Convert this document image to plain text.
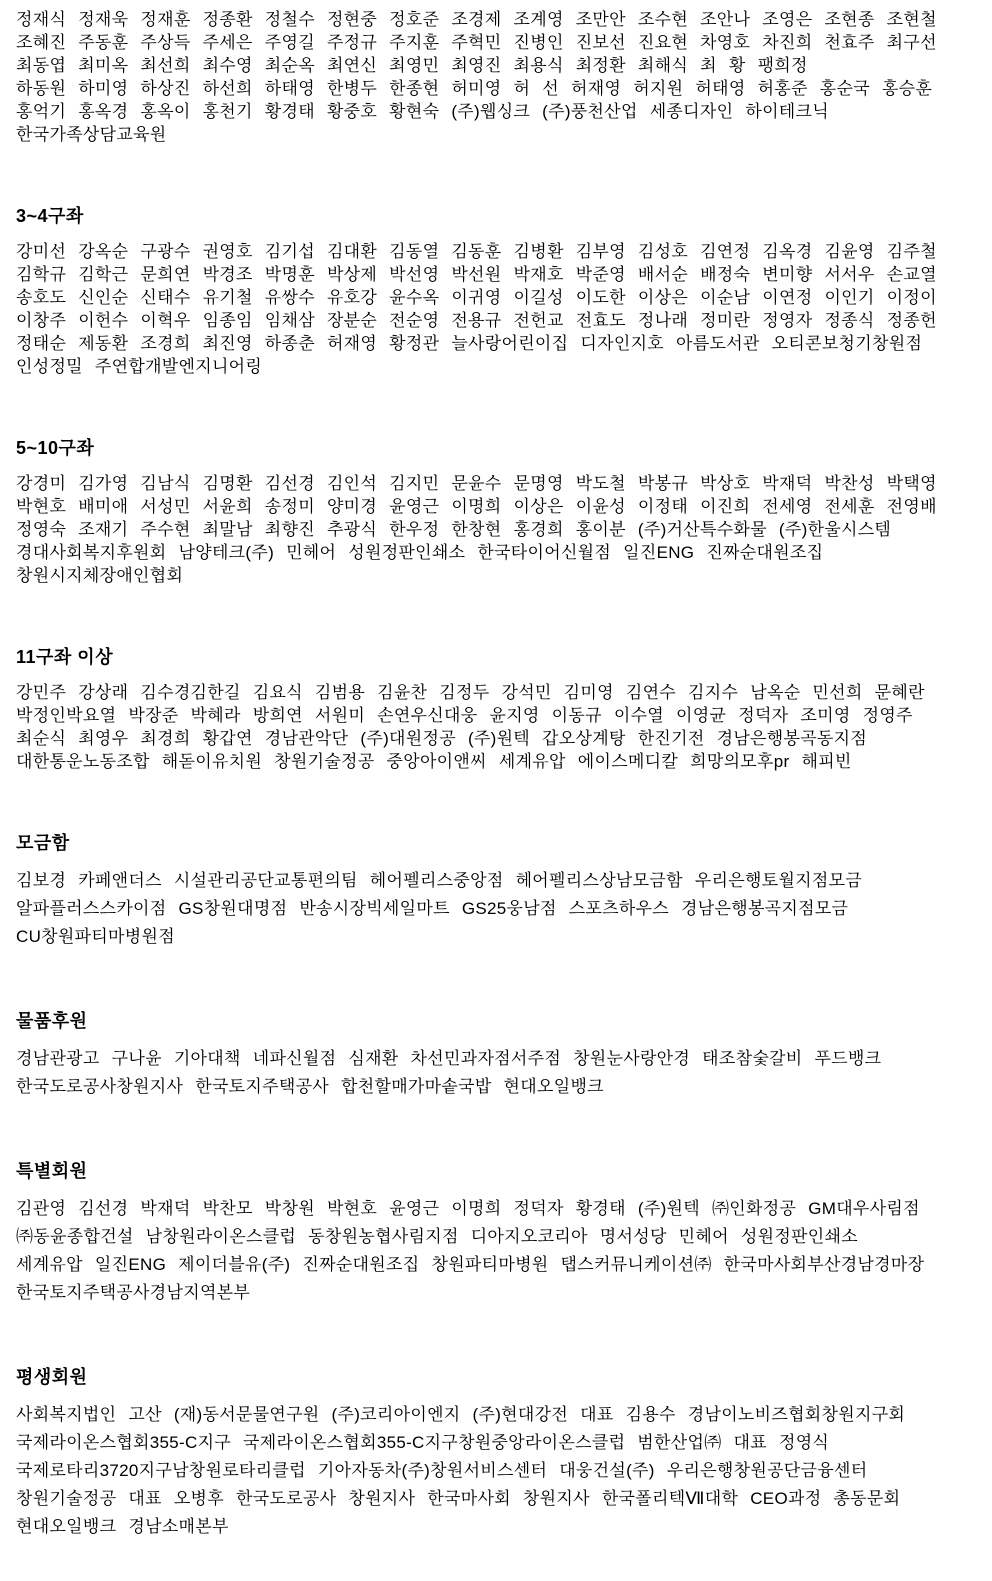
정재식 정재욱 정재훈 정종환 정철수 정현중 정호준 조경제 조계영 조만안 조수현 조안나 조영은 조현종 조현철
조혜진 주동훈 주상득 주세은 주영길 주정규 주지훈 주혁민 진병인 진보선 진요현 차영호 차진희 천효주 최구선
최동엽 최미옥 최선희 최수영 최순옥 최연신 최영민 최영진 최용식 최정환 최해식 최 황 팽희정
하동원 하미영 하상진 하선희 하태영 한병두 한종현 허미영 허 선 허재영 허지원 허태영 허홍준 홍순국 홍승훈
홍억기 홍옥경 홍옥이 홍천기 황경태 황중호 황현숙 (주)웹싱크 (주)풍천산업 세종디자인 하이테크닉
한국가족상담교육원
3~4구좌
강미선 강옥순 구광수 권영호 김기섭 김대환 김동열 김동훈 김병환 김부영 김성호 김연정 김옥경 김윤영 김주철
김학규 김학근 문희연 박경조 박명훈 박상제 박선영 박선원 박재호 박준영 배서순 배정숙 변미향 서서우 손교열
송호도 신인순 신태수 유기철 유쌍수 유호강 윤수옥 이귀영 이길성 이도한 이상은 이순남 이연정 이인기 이정이
이창주 이헌수 이혁우 임종임 임채삼 장분순 전순영 전용규 전헌교 전효도 정나래 정미란 정영자 정종식 정종헌
정태순 제동환 조경희 최진영 하종춘 허재영 황정관 늘사랑어린이집 디자인지호 아름도서관 오티콘보청기창원점
인성정밀 주연합개발엔지니어링
5~10구좌
강경미 김가영 김남식 김명환 김선경 김인석 김지민 문윤수 문명영 박도철 박봉규 박상호 박재덕 박찬성 박택영
박현호 배미애 서성민 서윤희 송정미 양미경 윤영근 이명희 이상은 이윤성 이정태 이진희 전세영 전세훈 전영배
정영숙 조재기 주수현 최말남 최향진 추광식 한우정 한창현 홍경희 홍이분 (주)거산특수화물 (주)한울시스템
경대사회복지후원회 남양테크(주) 민헤어 성원정판인쇄소 한국타이어신월점 일진ENG 진짜순대원조집
창원시지체장애인협회
11구좌 이상
강민주 강상래 김수경김한길 김요식 김범용 김윤찬 김정두 강석민 김미영 김연수 김지수 남옥순 민선희 문혜란
박정인박요열 박장준 박혜라 방희연 서원미 손연우신대웅 윤지영 이동규 이수열 이영균 정덕자 조미영 정영주
최순식 최영우 최경희 황갑연 경남관악단 (주)대원정공 (주)원텍 갑오상계탕 한진기전 경남은행봉곡동지점
대한통운노동조합 해돋이유치원 창원기술정공 중앙아이앤씨 세계유압 에이스메디칼 희망의모후pr 해피빈
모금함
김보경 카페앤더스 시설관리공단교통편의팀 헤어펠리스중앙점 헤어펠리스상남모금함 우리은행토월지점모금
알파플러스스카이점 GS창원대명점 반송시장빅세일마트 GS25웅남점 스포츠하우스 경남은행봉곡지점모금
CU창원파티마병원점
물품후원
경남관광고 구나윤 기아대책 네파신월점 심재환 차선민과자점서주점 창원눈사랑안경 태조참숯갈비 푸드뱅크
한국도로공사창원지사 한국토지주택공사 합천할매가마솥국밥 현대오일뱅크
특별회원
김관영 김선경 박재덕 박찬모 박창원 박현호 윤영근 이명희 정덕자 황경태 (주)원텍 ㈜인화정공 GM대우사림점
㈜동윤종합건설 남창원라이온스클럽 동창원농협사림지점 디아지오코리아 명서성당 민헤어 성원정판인쇄소
세계유압 일진ENG 제이더블유(주) 진짜순대원조집 창원파티마병원 탭스커뮤니케이션㈜ 한국마사회부산경남경마장
한국토지주택공사경남지역본부
평생회원
사회복지법인 고산 (재)동서문물연구원 (주)코리아이엔지 (주)현대강전 대표 김용수 경남이노비즈협회창원지구회
국제라이온스협회355-C지구 국제라이온스협회355-C지구창원중앙라이온스클럽 범한산업㈜ 대표 정영식
국제로타리3720지구남창원로타리클럽 기아자동차(주)창원서비스센터 대웅건설(주) 우리은행창원공단금융센터
창원기술정공 대표 오병후 한국도로공사 창원지사 한국마사회 창원지사 한국폴리텍Ⅶ대학 CEO과정 총동문회
현대오일뱅크 경남소매본부
